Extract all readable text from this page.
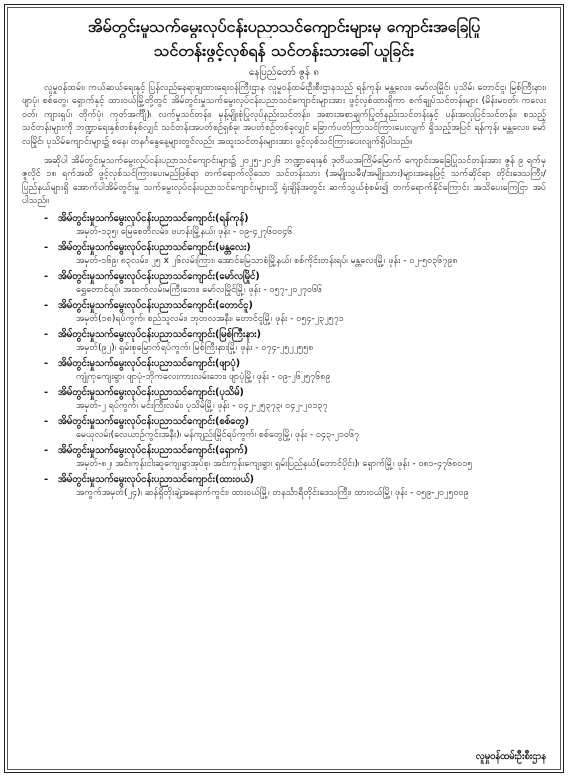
အိမ်တွင်းမှုသက်မွေးလုပ်ငန်းပညာသင်ကျောင်းများမှ ကျောင်းအခြေပြု
သင်တန်းဖွင့်လှစ်ရန် သင်တန်းသားခေါ်ယူခြင်း
နေပြည်တော် ဇွန် ၈

လူမှုဝန်ထမ်း၊ ကယ်ဆယ်ရေးနှင့် ပြန်လည်နေရာချထားရေးဝန်ကြီးဌာန လူမှုဝန်ထမ်းဦးစီးဌာနသည် ရန်ကုန်၊ မန္တလေး၊ မော်လမြိုင်၊ ပုသိမ်၊ တောင်ငူ၊ မြစ်ကြီးနား၊ ဖျာပုံ၊ စစ်တွေ၊ ရှောက်နှင့် ထားဝယ်မြို့တို့တွင် အိမ်တွင်းမှုသက်မွေးလုပ်ငန်းပညာသင်ကျောင်းများအား ဖွင့်လှစ်ထားရှိကာ စက်ချုပ်သင်တန်းများ (မိန်းမ၀တ်၊ ကလေးဝတ်၊ ကျားရှပ်၊ တိုက်ပုံ၊ ကုတ်အင်္ကျီ)၊ လက်မှုသင်တန်း၊ မုန့်မျိုးစုံပြုလုပ်နည်းသင်တန်း၊ အစားအစာချက်ပြုတ်နည်းသင်တန်းနှင့် ပန်းအလှပြင်သင်တန်း၊ စသည့် သင်တန်းများကို ဘဏ္ဍာရေးနှစ်တစ်နှစ်လျှင် သင်တန်းအပတ်စဉ်ရှစ်ခု၊ အပတ်စဉ်တစ်ခုလျှင် ခြောက်ပတ်ကြာသင်ကြားပေးလျက် ရှိသည့်အပြင် ရန်ကုန်၊ မန္တလေး၊ မော်လမြိုင်၊ ပုသိမ်ကျောင်းများ၌ စနေ၊ တနင်္ဂနွေနေ့များတွင်လည်း အထူးသင်တန်းများအား ဖွင့်လှစ်သင်ကြားပေးလျက်ရှိပါသည်။

အဆိုပါ အိမ်တွင်းမှုသက်မွေးလုပ်ငန်းပညာသင်ကျောင်းများ၌ ၂၀၂၅-၂၀၂၆ ဘဏ္ဍာရေးနှစ် ဒုတိယအကြိမ်မြောက် ကျောင်းအခြေပြုသင်တန်းအား ဇွန် ၉ ရက်မှ ဇူလိုင် ၁၈ ရက်အထိ ဖွင့်လှစ်သင်ကြားပေးမည်ဖြစ်ရာ တက်ရောက်လိုသော သင်တန်းသား (အမျိုးသမီး/အမျိုးသား)များအနေဖြင့် သက်ဆိုင်ရာ တိုင်းဒေသကြီး/ပြည်နယ်များရှိ အောက်ပါအိမ်တွင်းမှု သက်မွေးလုပ်ငန်းပညာသင်ကျောင်းများသို့ ရုံးချိန်အတွင်း ဆက်သွယ်စုံစမ်း၍ တက်ရောက်နိုင်ကြောင်း အသိပေးကြေငြာ အပ်ပါသည်။

- အိမ်တွင်းမှုသက်မွေးလုပ်ငန်းပညာသင်ကျောင်း(ရန်ကုန်)
အမှတ်-၁၃၅၊ မြေစေတီလမ်း၊ ဗဟန်းမြို့နယ်၊ ဖုန်း - ၀၉-၄၂၇၆၀၀၄၆
- အိမ်တွင်းမှုသက်မွေးလုပ်ငန်းပညာသင်ကျောင်း(မန္တလေး)
အမှတ်-၁၆၉၊ ၈၃လမ်း၊ ၂၅ x ၂၆လမ်းကြား၊ အောင်မြေသာစံမြို့နယ်၊ စစ်ကိုင်းတန်းရပ်၊ မန္တလေးမြို့၊ ဖုန်း - ၀၂-၅၀၃၆၇၉၈
- အိမ်တွင်းမှုသက်မွေးလုပ်ငန်းပညာသင်ကျောင်း(မော်လမြိုင်)
ရွှေတောင်ရပ်၊ အထက်လမ်းမကြီးဘေး၊ မော်လမြိုင်မြို့၊ ဖုန်း - ၀၅၇-၂၀၂၇၀၆၆
- အိမ်တွင်းမှုသက်မွေးလုပ်ငန်းပညာသင်ကျောင်း(တောင်ငူ)
အမှတ်(၁၈)ရပ်ကွက်၊ စည်သူလမ်း၊ ဘုတလအနီး၊ တောင်ငူမြို့၊ ဖုန်း - ၀၅၄-၂၃၂၅၇၁
- အိမ်တွင်းမှုသက်မွေးလုပ်ငန်းပညာသင်ကျောင်း(မြစ်ကြီးနား)
အမှတ်(၉၂)၊ ရှမ်းစုမြောက်ရပ်ကွက်၊ မြစ်ကြီးနားမြို့၊ ဖုန်း - ၀၇၄-၂၅၂၂၅၅၈
- အိမ်တွင်းမှုသက်မွေးလုပ်ငန်းပညာသင်ကျောင်း(ဖျာပုံ)
ကျုံကုကျေးရွာ၊ ဖျာပုံ-ဘိုကလေးကားလမ်းဘေး၊ ဖျာပုံမြို့၊ ဖုန်း - ၀၉-၂၆၂၅၇၆၈၉
- အိမ်တွင်းမှုသက်မွေးလုပ်ငန်းပညာသင်ကျောင်း(ပုသိမ်)
အမှတ်-၂ ရပ်ကွက်၊ မင်းကြီးလမ်း၊ ပုသိမ်မြို့၊ ဖုန်း - ၀၄၂-၂၅၃၇၃၊ ၀၄၂-၂၀၁၃၇
- အိမ်တွင်းမှုသက်မွေးလုပ်ငန်းပညာသင်ကျောင်း(စစ်တွေ)
မေယုလမ်း(လေယာဉ်ကွင်းအနီး)၊ မန်ကျည်းမြိုင်ရပ်ကွက်၊ စစ်တွေမြို့၊ ဖုန်း - ၀၄၃-၂၁၀၆၇
- အိမ်တွင်းမှုသက်မွေးလုပ်ငန်းပညာသင်ကျောင်း(ရှောက်)
အမှတ်-၈၂၊ အင်းကုန်းငါးဆူကျေးရွာအုပ်စု၊ အင်းကုန်းကျေးရွာ၊ ရှမ်းပြည်နယ်(တောင်ပိုင်း)၊ ရှောက်မြို့၊ ဖုန်း - ၀၈၁-၄၇၆၈၀၁၅
- အိမ်တွင်းမှုသက်မွေးလုပ်ငန်းပညာသင်ကျောင်း(ထားဝယ်)
အကွက်အမှတ်(၂၄)၊ ဆန်ရှိတိုးချဲ့အနောက်ကွင်း၊ ထားဝယ်မြို့၊ တနင်္သာရီတိုင်းဒေသကြီး၊ ထားဝယ်မြို့၊ ဖုန်း - ၀၅၉-၂၀၂၅၀၀၉
လူမှုဝန်ထမ်းဦးစီးဌာန
